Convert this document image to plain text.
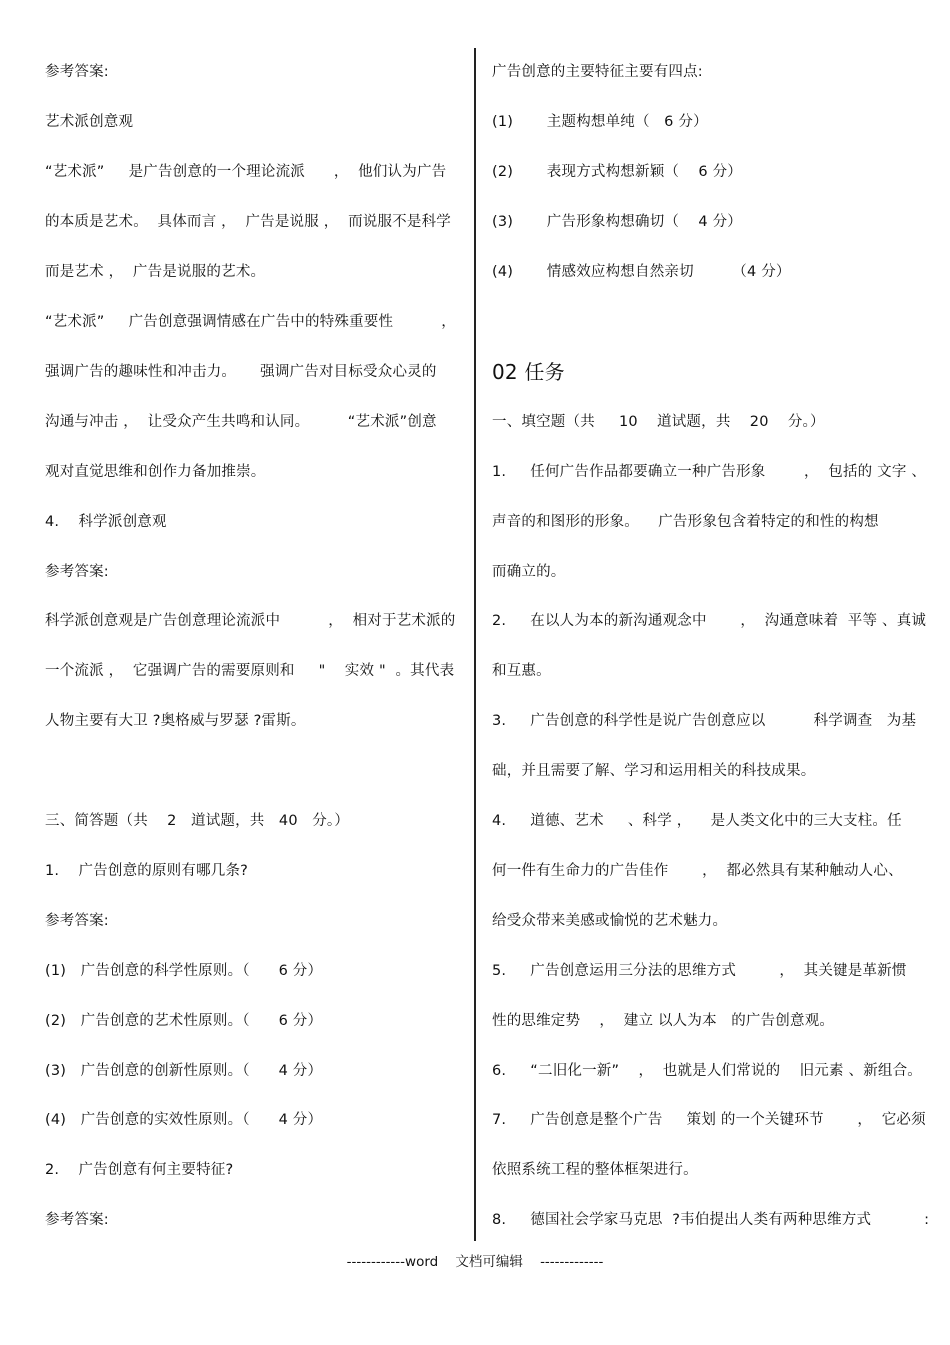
参考答案:
艺术派创意观
“艺术派”     是广告创意的一个理论流派      ，  他们认为广告
的本质是艺术。  具体而言 ，  广告是说服 ，  而说服不是科学
而是艺术 ，  广告是说服的艺术。
“艺术派”     广告创意强调情感在广告中的特殊重要性          ，
强调广告的趣味性和冲击力。     强调广告对目标受众心灵的
沟通与冲击 ，  让受众产生共鸣和认同。        “艺术派”创意
观对直觉思维和创作力备加推崇。
4.    科学派创意观
参考答案:
科学派创意观是广告创意理论流派中          ，  相对于艺术派的
一个流派 ，  它强调广告的需要原则和     "    实效 "  。其代表
人物主要有大卫 ?奥格威与罗瑟 ?雷斯。
三、简答题（共    2   道试题，共   40   分。）
1.    广告创意的原则有哪几条?
参考答案:
(1)   广告创意的科学性原则。（      6 分）
(2)   广告创意的艺术性原则。（      6 分）
(3)   广告创意的创新性原则。（      4 分）
(4)   广告创意的实效性原则。（      4 分）
2.    广告创意有何主要特征?
参考答案:
广告创意的主要特征主要有四点:
(1)       主题构想单纯（   6 分）
(2)       表现方式构想新颖（    6 分）
(3)       广告形象构想确切（    4 分）
(4)       情感效应构想自然亲切        （4 分）
02 任务
一、填空题（共     10    道试题，共    20    分。）
1.     任何广告作品都要确立一种广告形象        ，  包括的 文字 、
声音的和图形的形象。    广告形象包含着特定的和性的构想
而确立的。
2.     在以人为本的新沟通观念中       ，  沟通意味着  平等 、真诚
和互惠。
3.     广告创意的科学性是说广告创意应以          科学调查   为基
础，并且需要了解、学习和运用相关的科技成果。
4.     道德、艺术     、科学 ，    是人类文化中的三大支柱。任
何一件有生命力的广告佳作       ，  都必然具有某种触动人心、
给受众带来美感或愉悦的艺术魅力。
5.     广告创意运用三分法的思维方式         ，  其关键是革新惯
性的思维定势    ，  建立 以人为本   的广告创意观。
6.     “二旧化一新”    ，  也就是人们常说的    旧元素 、新组合。
7.     广告创意是整个广告     策划 的一个关键环节       ，  它必须
依照系统工程的整体框架进行。
8.     德国社会学家马克思  ?韦伯提出人类有两种思维方式           :
------------word    文档可编辑    -------------
